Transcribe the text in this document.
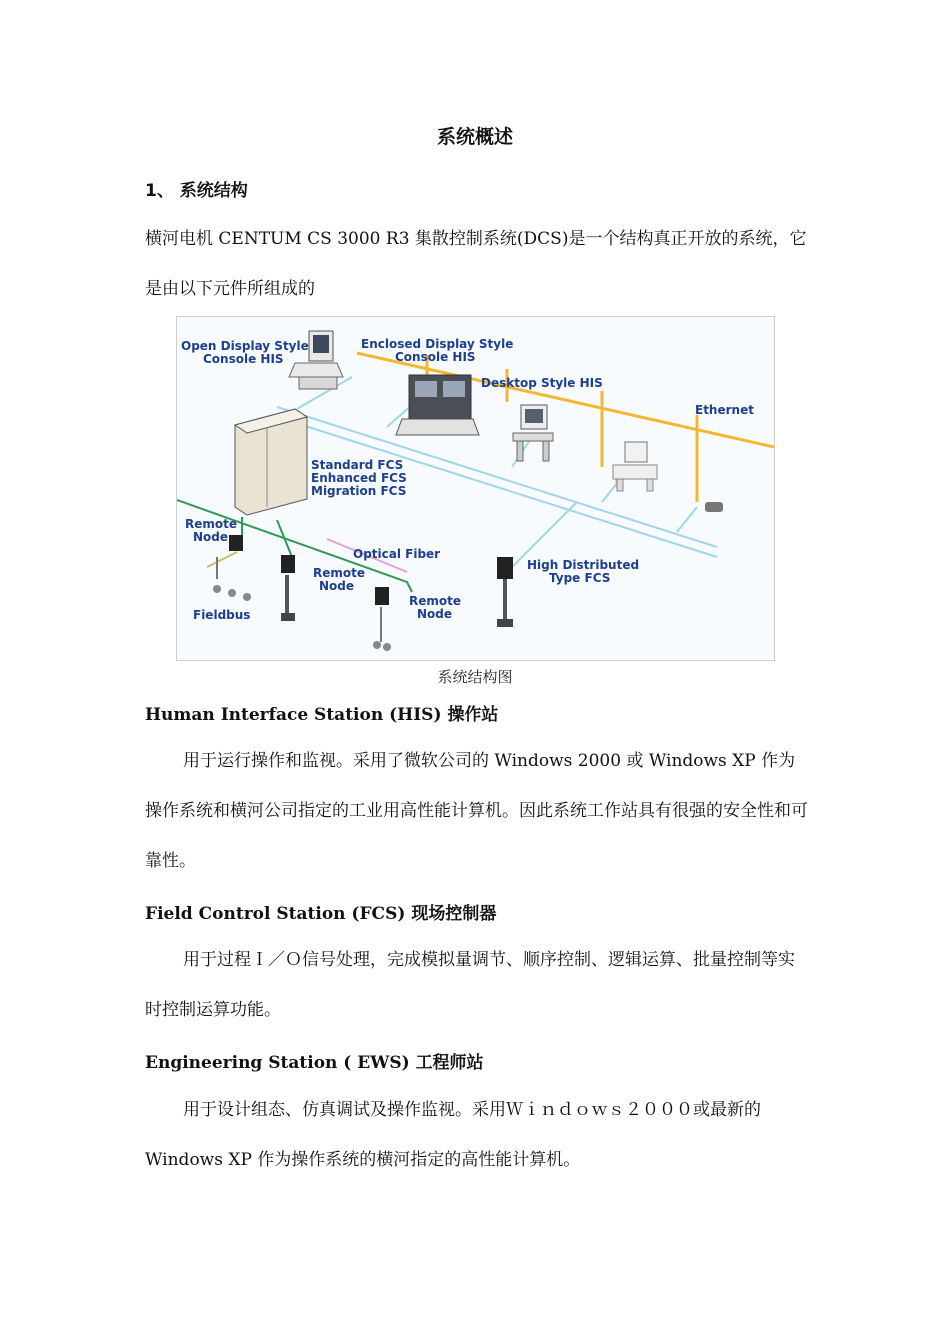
系统概述
1、 系统结构
横河电机 CENTUM CS 3000 R3 集散控制系统(DCS)是一个结构真正开放的系统，它是由以下元件所组成的
Open Display Style
Console HIS
Enclosed Display Style
Console HIS
Desktop Style HIS
Ethernet
Standard FCS
Enhanced FCS
Migration FCS
Remote
Node
Optical Fiber
Remote
Node
Fieldbus
Remote
Node
High Distributed
Type FCS
系统结构图
Human Interface Station (HIS) 操作站
用于运行操作和监视。采用了微软公司的 Windows 2000 或 Windows XP 作为操作系统和横河公司指定的工业用高性能计算机。因此系统工作站具有很强的安全性和可靠性。
Field Control Station (FCS) 现场控制器
用于过程Ｉ／Ｏ信号处理，完成模拟量调节、顺序控制、逻辑运算、批量控制等实时控制运算功能。
Engineering Station ( EWS) 工程师站
用于设计组态、仿真调试及操作监视。采用Ｗｉｎｄｏｗｓ２０００或最新的 Windows XP 作为操作系统的横河指定的高性能计算机。
